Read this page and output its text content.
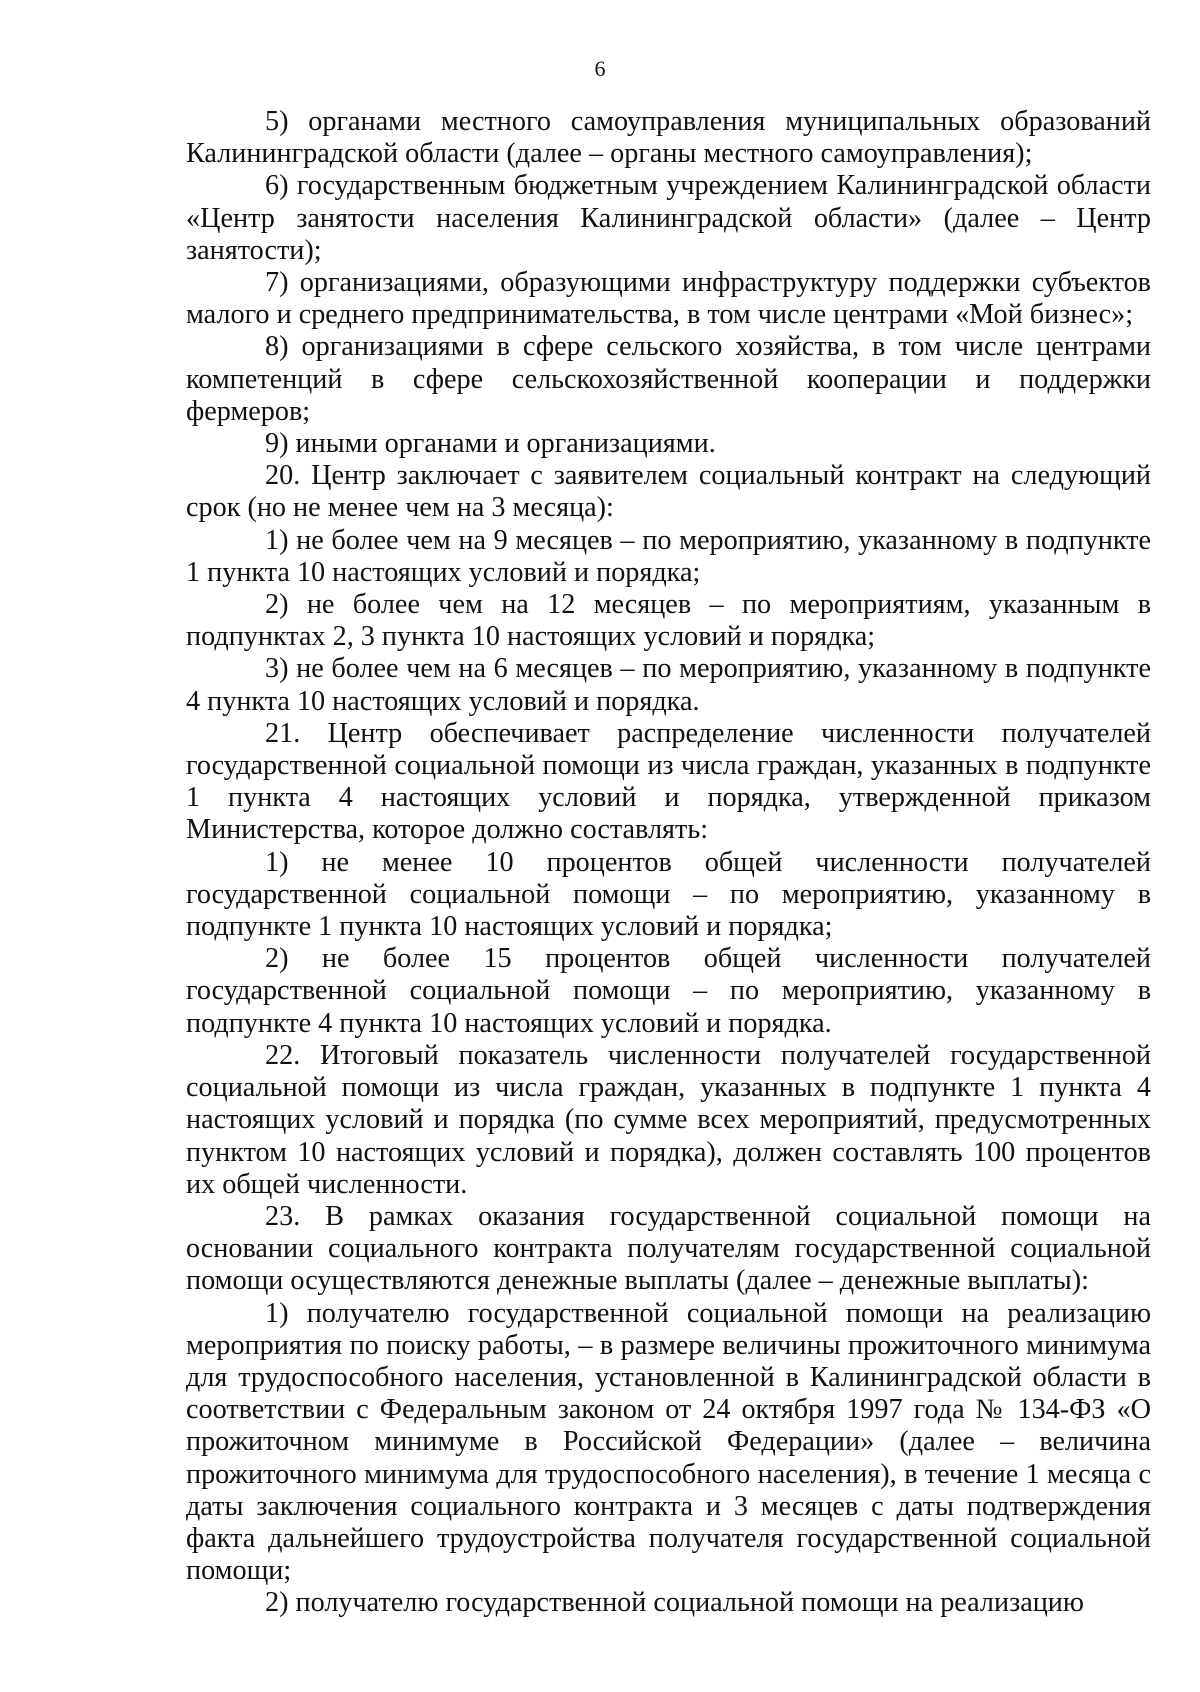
6

5) органами местного самоуправления муниципальных образований Калининградской области (далее – органы местного самоуправления);

6) государственным бюджетным учреждением Калининградской области «Центр занятости населения Калининградской области» (далее – Центр занятости);

7) организациями, образующими инфраструктуру поддержки субъектов малого и среднего предпринимательства, в том числе центрами «Мой бизнес»;

8) организациями в сфере сельского хозяйства, в том числе центрами компетенций в сфере сельскохозяйственной кооперации и поддержки фермеров;

9) иными органами и организациями.

20. Центр заключает с заявителем социальный контракт на следующий срок (но не менее чем на 3 месяца):

1) не более чем на 9 месяцев – по мероприятию, указанному в подпункте 1 пункта 10 настоящих условий и порядка;

2) не более чем на 12 месяцев – по мероприятиям, указанным в подпунктах 2, 3 пункта 10 настоящих условий и порядка;

3) не более чем на 6 месяцев – по мероприятию, указанному в подпункте 4 пункта 10 настоящих условий и порядка.

21. Центр обеспечивает распределение численности получателей государственной социальной помощи из числа граждан, указанных в подпункте 1 пункта 4 настоящих условий и порядка, утвержденной приказом Министерства, которое должно составлять:

1) не менее 10 процентов общей численности получателей государственной социальной помощи – по мероприятию, указанному в подпункте 1 пункта 10 настоящих условий и порядка;

2) не более 15 процентов общей численности получателей государственной социальной помощи – по мероприятию, указанному в подпункте 4 пункта 10 настоящих условий и порядка.

22. Итоговый показатель численности получателей государственной социальной помощи из числа граждан, указанных в подпункте 1 пункта 4 настоящих условий и порядка (по сумме всех мероприятий, предусмотренных пунктом 10 настоящих условий и порядка), должен составлять 100 процентов их общей численности.

23. В рамках оказания государственной социальной помощи на основании социального контракта получателям государственной социальной помощи осуществляются денежные выплаты (далее – денежные выплаты):

1) получателю государственной социальной помощи на реализацию мероприятия по поиску работы, – в размере величины прожиточного минимума для трудоспособного населения, установленной в Калининградской области в соответствии с Федеральным законом от 24 октября 1997 года № 134-ФЗ «О прожиточном минимуме в Российской Федерации» (далее – величина прожиточного минимума для трудоспособного населения), в течение 1 месяца с даты заключения социального контракта и 3 месяцев с даты подтверждения факта дальнейшего трудоустройства получателя государственной социальной помощи;

2) получателю государственной социальной помощи на реализацию
